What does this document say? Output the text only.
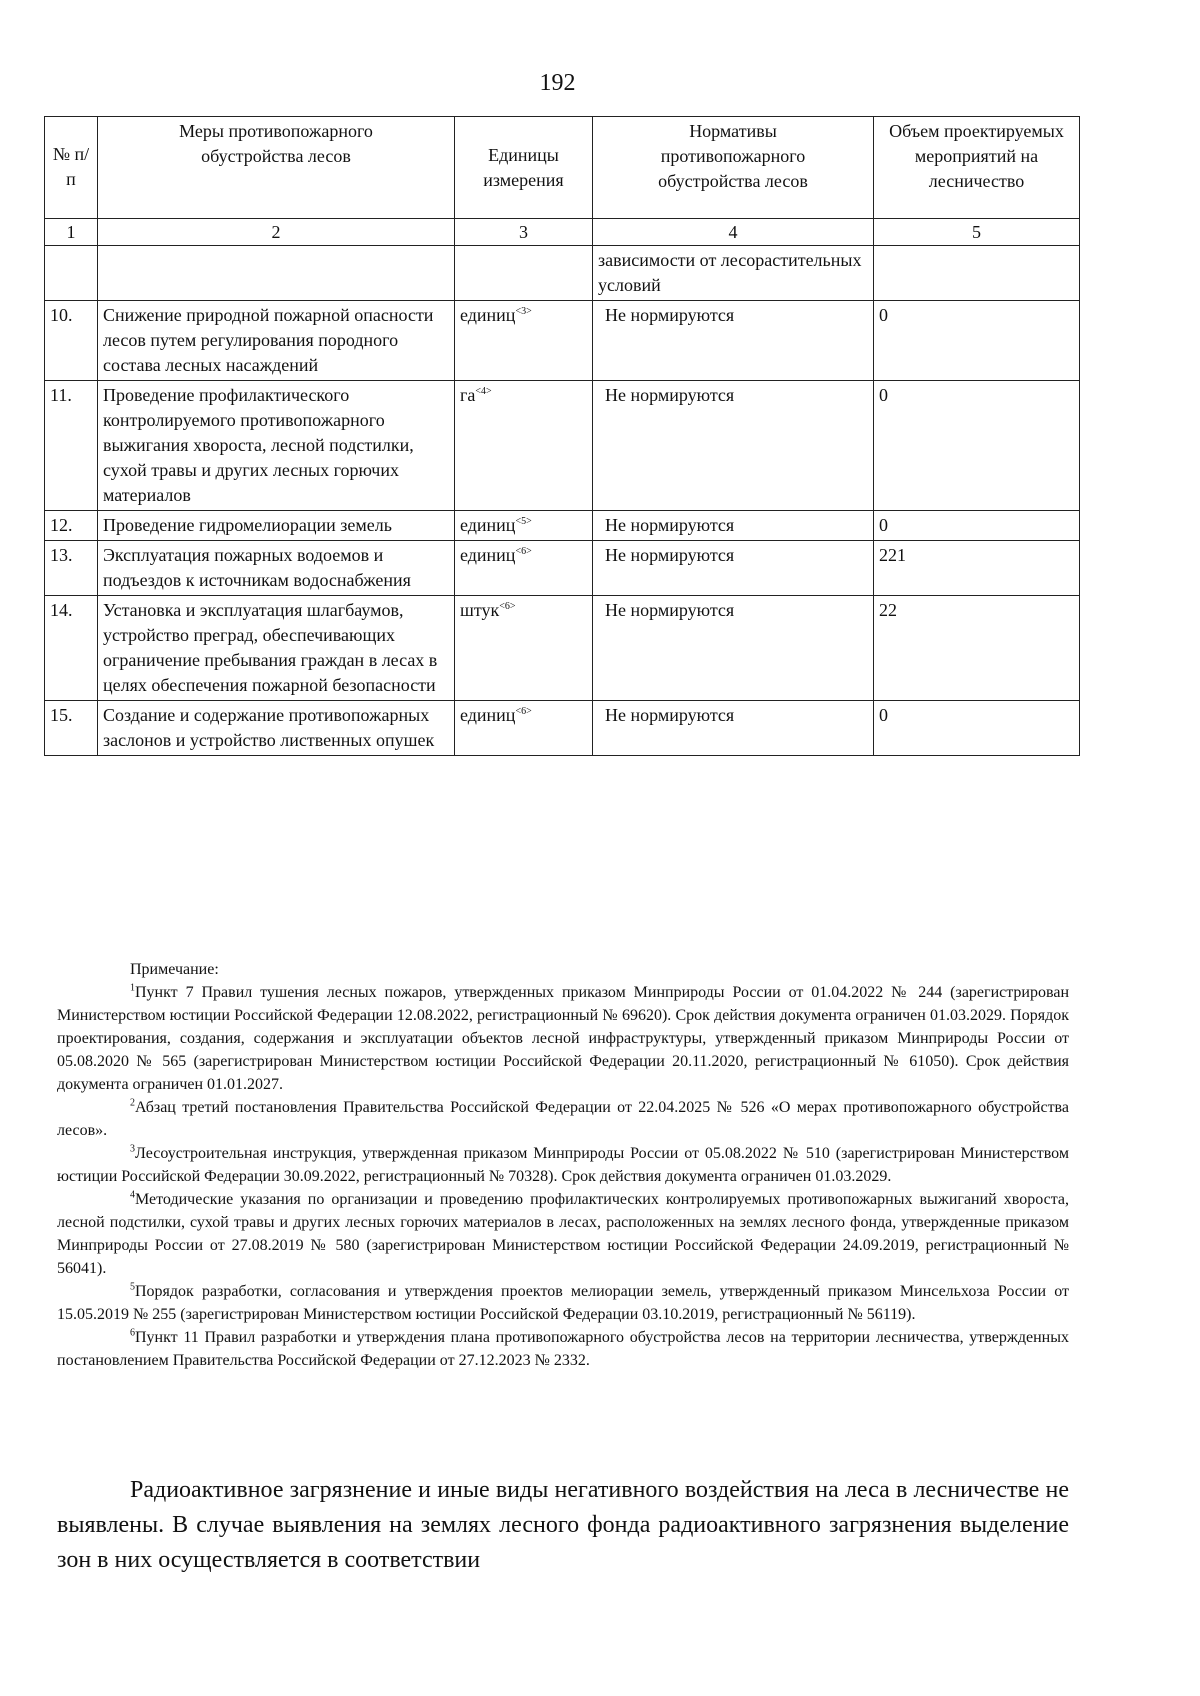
192
№ п/п	Меры противопожарного обустройства лесов	Единицы измерения	Нормативы противопожарного обустройства лесов	Объем проектируемых мероприятий на лесничество
1	2	3	4	5
			зависимости от лесорастительных условий	
10.	Снижение природной пожарной опасности лесов путем регулирования породного состава лесных насаждений	единиц$^{<3>}$	Не нормируются	0
11.	Проведение профилактического контролируемого противопожарного выжигания хвороста, лесной подстилки, сухой травы и других лесных горючих материалов	$га^{<4>}$	Не нормируются	0
12.	Проведение гидромелиорации земель	единиц$^{<5>}$	Не нормируются	0
13.	Эксплуатация пожарных водоемов и подъездов к источникам водоснабжения	единиц$^{<6>}$	Не нормируются	221
14.	Установка и эксплуатация шлагбаумов, устройство преград, обеспечивающих ограничение пребывания граждан в лесах в целях обеспечения пожарной безопасности	штук$^{<6>}$	Не нормируются	22
15.	Создание и содержание противопожарных заслонов и устройство лиственных опушек	единиц$^{<6>}$	Не нормируются	0

Примечание:

$^1$Пункт 7 Правил тушения лесных пожаров, утвержденных приказом Минприроды России от 01.04.2022 № 244 (зарегистрирован Министерством юстиции Российской Федерации 12.08.2022, регистрационный № 69620). Срок действия документа ограничен 01.03.2029. Порядок проектирования, создания, содержания и эксплуатации объектов лесной инфраструктуры, утвержденный приказом Минприроды России от 05.08.2020 № 565 (зарегистрирован Министерством юстиции Российской Федерации 20.11.2020, регистрационный № 61050). Срок действия документа ограничен 01.01.2027.

$^2$Абзац третий постановления Правительства Российской Федерации от 22.04.2025 № 526 «О мерах противопожарного обустройства лесов».

$^3$Лесоустроительная инструкция, утвержденная приказом Минприроды России от 05.08.2022 № 510 (зарегистрирован Министерством юстиции Российской Федерации 30.09.2022, регистрационный № 70328). Срок действия документа ограничен 01.03.2029.

$^4$Методические указания по организации и проведению профилактических контролируемых противопожарных выжиганий хвороста, лесной подстилки, сухой травы и других лесных горючих материалов в лесах, расположенных на землях лесного фонда, утвержденные приказом Минприроды России от 27.08.2019 № 580 (зарегистрирован Министерством юстиции Российской Федерации 24.09.2019, регистрационный № 56041).

$^5$Порядок разработки, согласования и утверждения проектов мелиорации земель, утвержденный приказом Минсельхоза России от 15.05.2019 № 255 (зарегистрирован Министерством юстиции Российской Федерации 03.10.2019, регистрационный № 56119).

$^6$Пункт 11 Правил разработки и утверждения плана противопожарного обустройства лесов на территории лесничества, утвержденных постановлением Правительства Российской Федерации от 27.12.2023 № 2332.

Радиоактивное загрязнение и иные виды негативного воздействия на леса в лесничестве не выявлены. В случае выявления на землях лесного фонда радиоактивного загрязнения выделение зон в них осуществляется в соответствии
